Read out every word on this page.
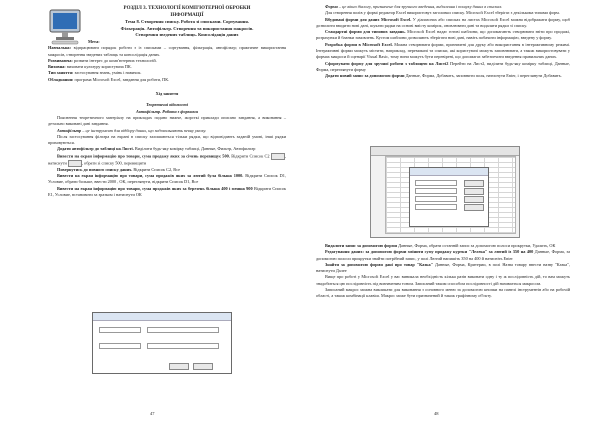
РОЗДІЛ 3. ТЕХНОЛОГІЇ КОМП'ЮТЕРНОЇ ОБРОБКИ

ІНФОРМАЦІЇ

Тема 8. Створення списку. Робота зі списками. Сортування.

Фільтрація. Автофільтр. Створення та використання макросів.

Створення зведених таблиць. Консолідація даних

Мета:

Навчальна: відпрацювати порядок роботи з із списками – сортування, фільтрація, автофільтр; практичне використання макросів, створення зведених таблиць та консолідація даних.

Розвиваюча: розвити інтерес до комп'ютерних технологій.

Виховна: виховати культуру користувача ПК.

Тип заняття: застосування знань, умінь і навичок.

Обладнання: програма Microsoft Excel, завдання для роботи, ПК.

Хід заняття

Теоретичні відомості

Автофільтр. Робота з формами

Пояснення теоретичного матеріалу на прикладах подано нижче, жорсткі приклади описано завдання, а виконання – детально виконані дані завдання.

Автофільтр – це інструмент для відбору даних, що задовольняють певну умову.

Після застосування фільтра на екрані в списку залишаються тільки рядки, що відповідають заданій умові, інші рядки приховуються.

Додати автофільтр до таблиці на Листі. Виділити будь-яку комірку таблиці, Данные, Фильтр, Автофильтр

Вивести на екран інформацію про товари, сума продажу яких за січень перевищує 500. Відкрити Список С2	, натиснути	, обрати зі списку 500, перевищити

Повернутись до повного списку даних. Відкрити Список С2, Все

Вивести на екран інформацію про товари, сума продажів яких за лютий була більша 1000. Відкрити Список D1, Условие, обрати больше, ввести 2000 , ОК, переглянути, відкрити Список D1, Все

Вивести на екран інформацію про товари, сума продажів яких за березень більша 400 і менша 900 Відкрити Список E1, Условие, встановити за зразком і натиснути ОК

47

Форма – це вікно діалогу, призначене для зручного введення, видалення і пошуку даних в списках.

Для створення полів у формі редактор Excel використовує заголовки списку. Microsoft Excel зберігає з декількома типами форм.

Вбудовані форми для даних Microsoft Excel. У діапазонах або списках на листах Microsoft Excel можна відображати форму, щоб дозволити вводити нові дані, шукати рядки на основі вмісту комірок, оновлювати дані та видаляти рядки зі списку.

Стандартні форми для типових завдань. Microsoft Excel надає готові шаблони, що допомагають створювати звіти про продажі, розрахунки й бланки замовлень. Кустом шаблони дозволяють зберігати нові дані, навіть побачити інформацію, введену у форму.

Розробка форми в Microsoft Excel. Можна створювати форми, призначені для друку або використання в інтерактивному режимі. Інтерактивні форми можуть містити, наприклад, перемикачі та списки, які користувачі можуть заповнювати, а також використовувати у формах макроси й сценарії Visual Basic, тому вони можуть бути перевірені, що допомагає забезпечити введення правильних даних.

Сформувати форму для зручної роботи з таблицею на Листі2 Перейти на Лист2, виділити будь-яку комірку таблиці, Данные, Форма, переглянути форму

Додати новий запис за допомогою форми Данные, Форма, Добавить, заповнити поля, натиснути Enter, і переглянути Добавить.

Видалити запис за допомогою форми Данные, Форма, обрати останній запис за допомогою полоси прокрутки, Удалить, ОК

Редагування даних: за допомогою форми змінити суму продажу куртки "Лелека" за лютий із 350 на 400 Данные, Форма, за допомогою полоси прокрутки знайти потрібний запис, у полі Лютий напишіть 350 на 400 й натисніть Enter

Знайти за допомогою форми дані про товар "Казка" Данные, Форма, Критерии, в полі Назва товару ввести назву "Казка", натиснути Далее

Вище про роботі у Microsoft Excel у вас виникала необхідність кілька разів виконати одну і ту ж послідовність дій, то вам можуть знадобиться цю послідовність під визначеним тоном. Записаний таким способом послідовності дій називається макросом.

Записаний макрос можна викликати для виконання з основного меню за допомогою кнопки на панелі інструментів або на робочій області, а також комбінації клавіш. Макрос може бути призначений й також графічному об'єкту.

48
